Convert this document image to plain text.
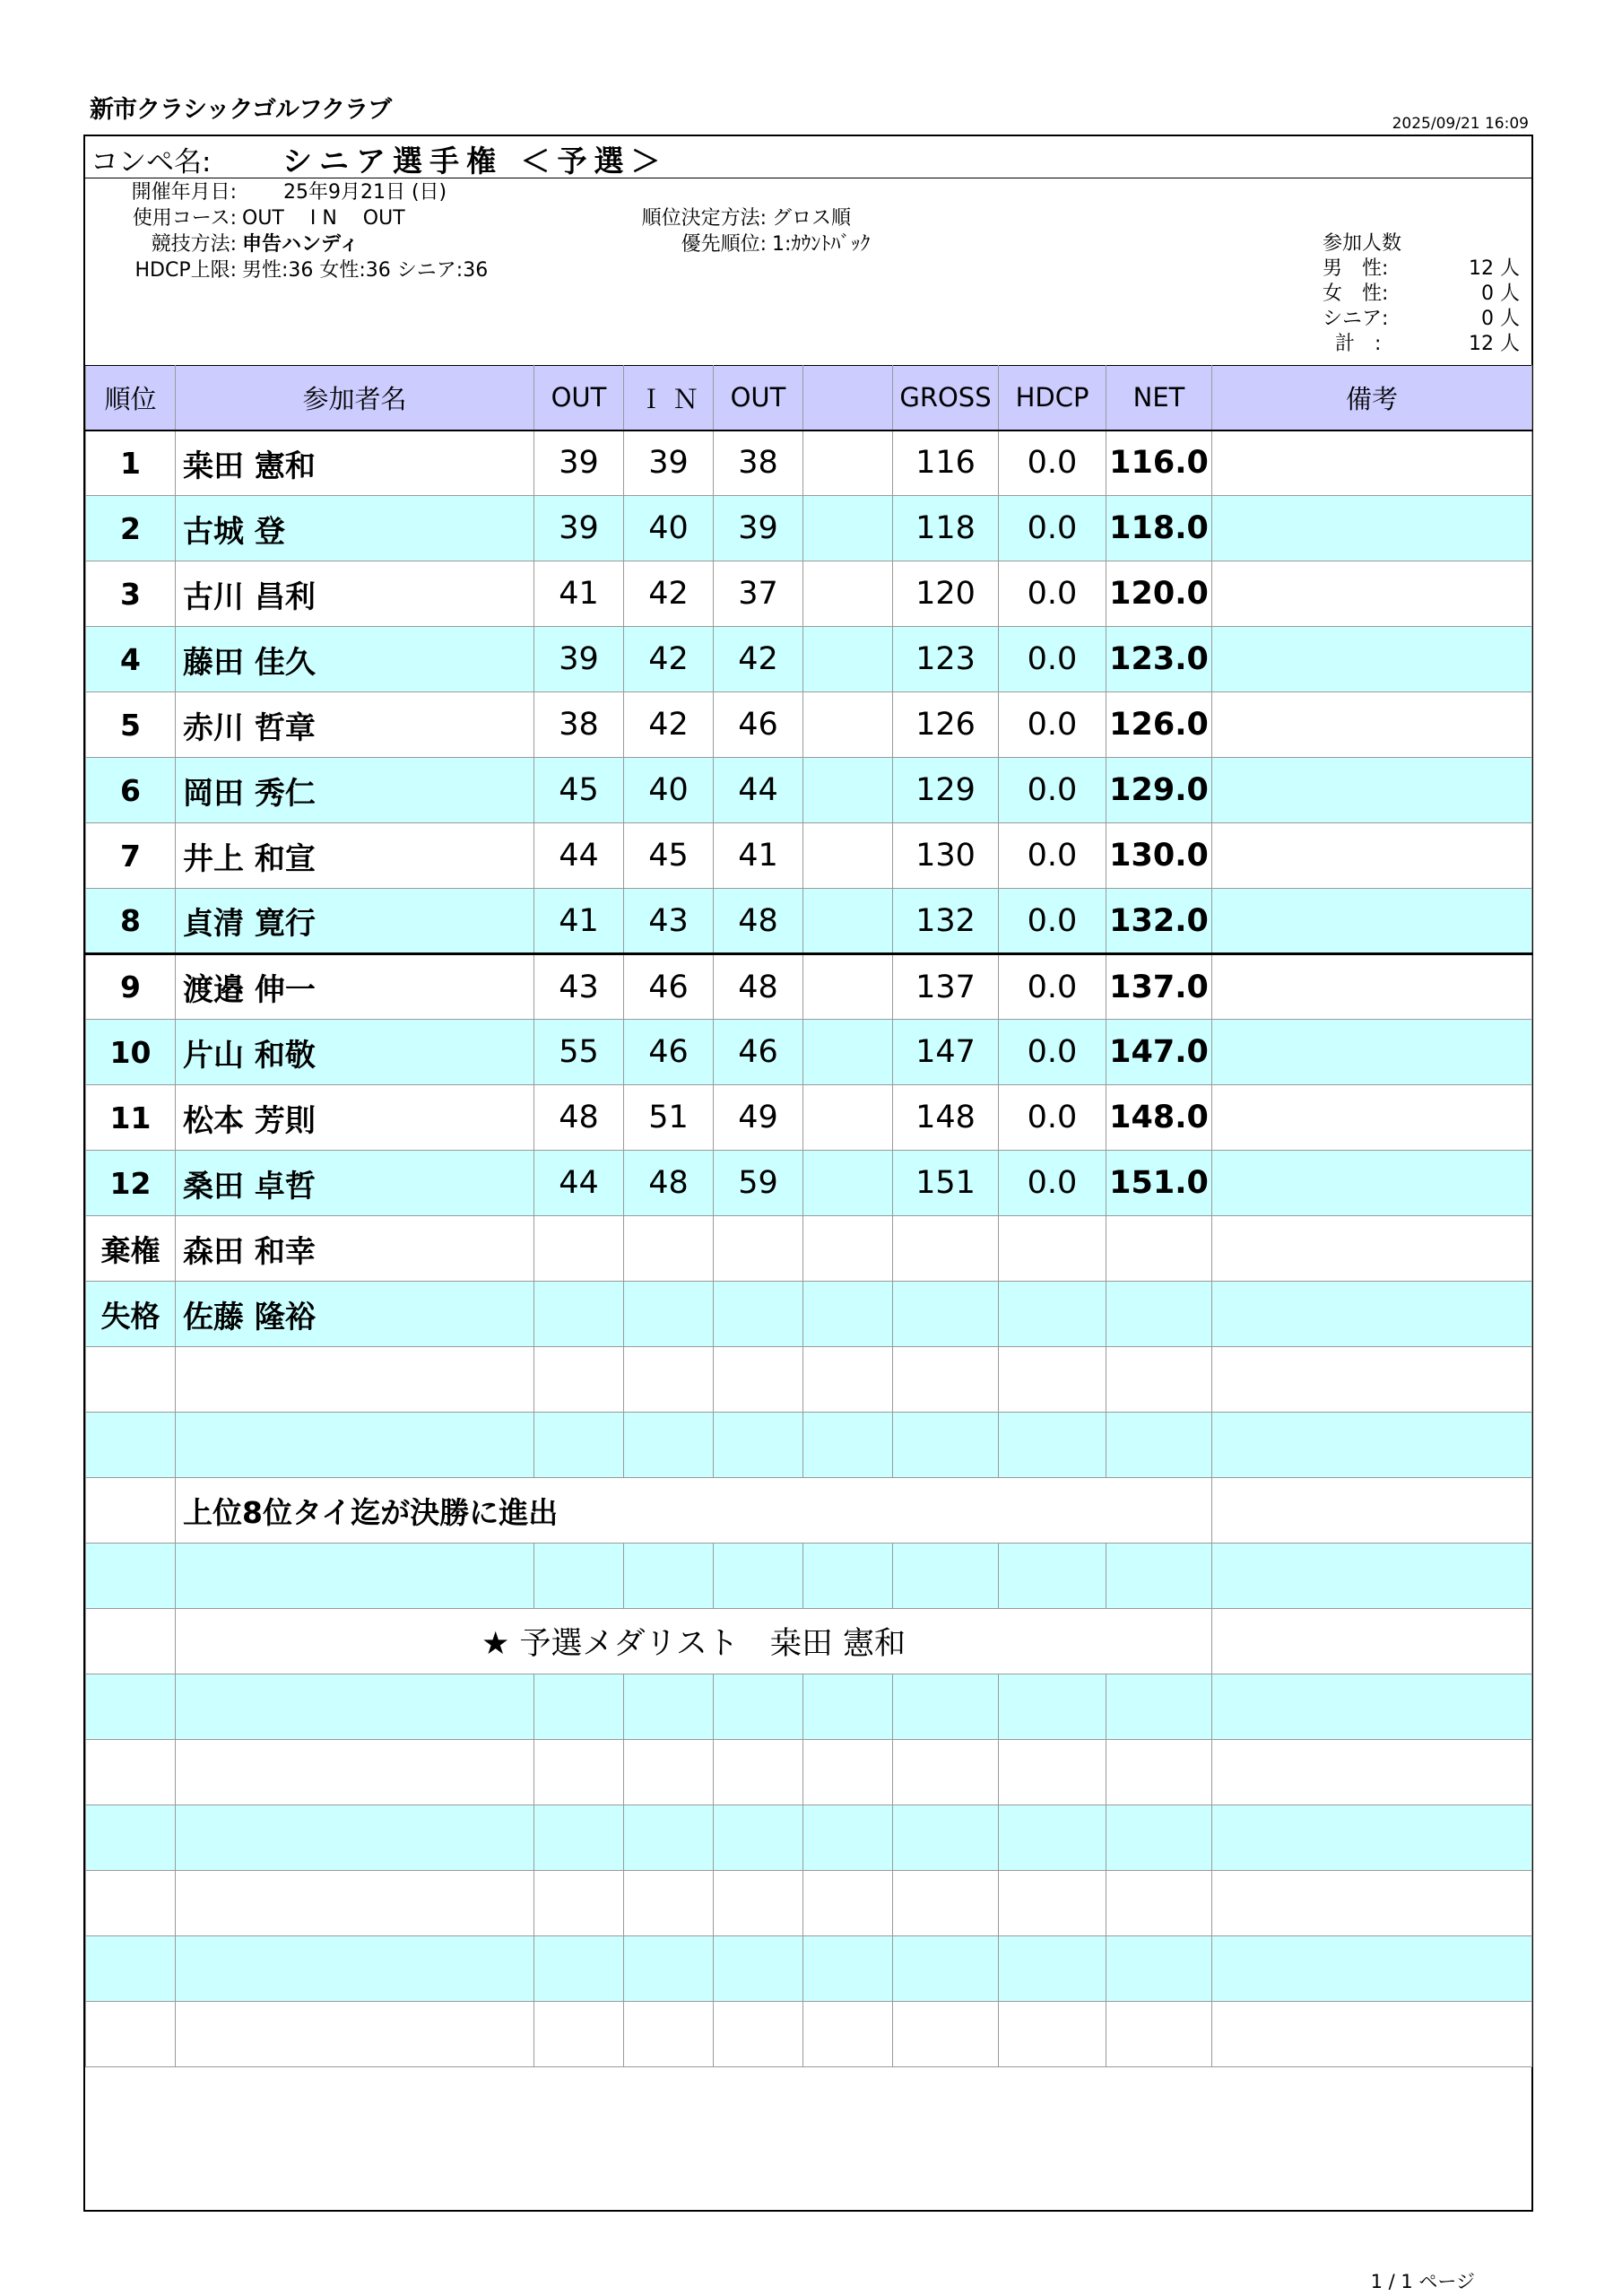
新市クラシックゴルフクラブ	2025/09/21 16:09
コンペ名: シニア選手権 ＜予選＞
開催年月日: 25年9月21日 (日)
使用コース: OUT　 I N　 OUT
競技方法: 申告ハンディ
HDCP上限: 男性:36 女性:36 シニア:36
順位決定方法: グロス順
優先順位: 1:ｶｳﾝﾄﾊﾞｯｸ	参加人数
男　性:	12 人
女　性:	0 人
シニア:	0 人
計　:	12 人
順位	参加者名	OUT	Ｉ Ｎ	OUT		GROSS	HDCP	NET	備考
1	桒田 憲和	39	39	38		116	0.0	116.0	
2	古城 登	39	40	39		118	0.0	118.0	
3	古川 昌利	41	42	37		120	0.0	120.0	
4	藤田 佳久	39	42	42		123	0.0	123.0	
5	赤川 哲章	38	42	46		126	0.0	126.0	
6	岡田 秀仁	45	40	44		129	0.0	129.0	
7	井上 和宣	44	45	41		130	0.0	130.0	
8	貞清 寛行	41	43	48		132	0.0	132.0	
9	渡邉 伸一	43	46	48		137	0.0	137.0	
10	片山 和敬	55	46	46		147	0.0	147.0	
11	松本 芳則	48	51	49		148	0.0	148.0	
12	桑田 卓哲	44	48	59		151	0.0	151.0	
棄権	森田 和幸								
失格	佐藤 隆裕								

	上位8位タイ迄が決勝に進出								

	★ 予選メダリスト　桒田 憲和								

1 / 1 ページ
